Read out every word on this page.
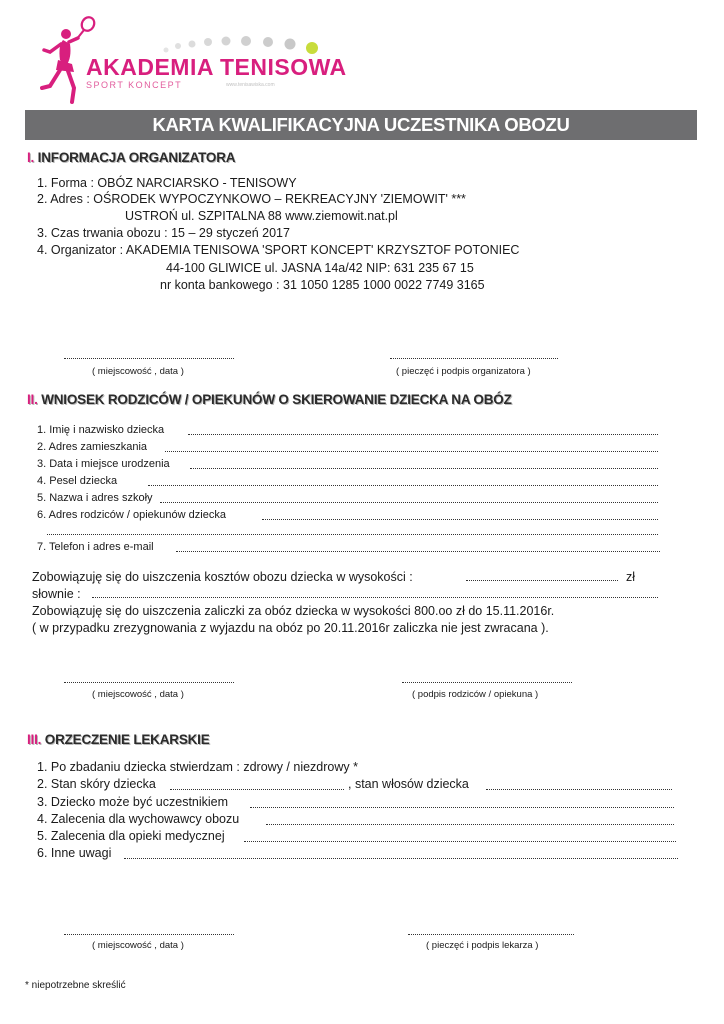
AKADEMIA TENISOWA
SPORT KONCEPT	www.tenisawiska.com
KARTA KWALIFIKACYJNA UCZESTNIKA OBOZU
I. INFORMACJA ORGANIZATORA
1. Forma : OBÓZ NARCIARSKO - TENISOWY
2. Adres : OŚRODEK WYPOCZYNKOWO – REKREACYJNY 'ZIEMOWIT' ***
USTROŃ ul. SZPITALNA 88 www.ziemowit.nat.pl
3. Czas trwania obozu : 15 – 29 styczeń 2017
4. Organizator : AKADEMIA TENISOWA 'SPORT KONCEPT' KRZYSZTOF POTONIEC
44-100 GLIWICE ul. JASNA 14a/42 NIP: 631 235 67 15
nr konta bankowego : 31 1050 1285 1000 0022 7749 3165
( miejscowość , data )	( pieczęć i podpis organizatora )
II. WNIOSEK RODZICÓW / OPIEKUNÓW O SKIEROWANIE DZIECKA NA OBÓZ
1. Imię i nazwisko dziecka
2. Adres zamieszkania
3. Data i miejsce urodzenia
4. Pesel dziecka
5. Nazwa i adres szkoły
6. Adres rodziców / opiekunów dziecka
7. Telefon i adres e-mail
Zobowiązuję się do uiszczenia kosztów obozu dziecka w wysokości :	zł
słownie :
Zobowiązuję się do uiszczenia zaliczki za obóz dziecka w wysokości 800.oo zł do 15.11.2016r.
( w przypadku zrezygnowania z wyjazdu na obóz po 20.11.2016r zaliczka nie jest zwracana ).
( miejscowość , data )	( podpis rodziców / opiekuna )
III. ORZECZENIE LEKARSKIE
1. Po zbadaniu dziecka stwierdzam : zdrowy / niezdrowy *
2. Stan skóry dziecka	, stan włosów dziecka
3. Dziecko może być uczestnikiem
4. Zalecenia dla wychowawcy obozu
5. Zalecenia dla opieki medycznej
6. Inne uwagi
( miejscowość , data )	( pieczęć i podpis lekarza )
* niepotrzebne skreślić
